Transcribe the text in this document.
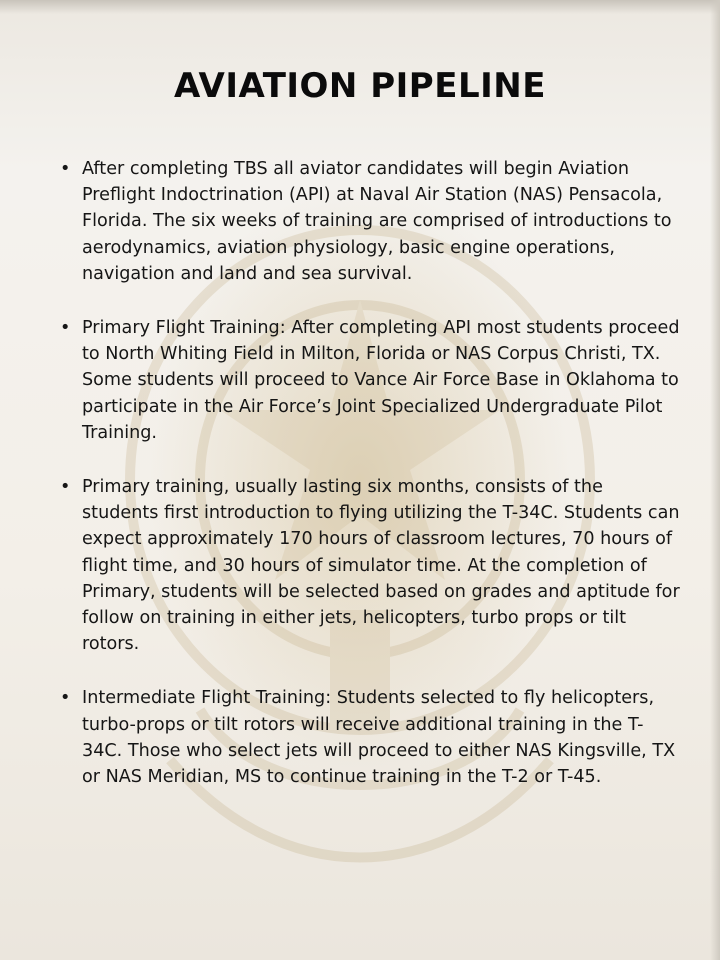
AVIATION PIPELINE
• After completing TBS all aviator candidates will begin Aviation Preflight Indoctrination (API) at Naval Air Station (NAS) Pensacola, Florida. The six weeks of training are comprised of introductions to aerodynamics, aviation physiology, basic engine operations, navigation and land and sea survival.
• Primary Flight Training: After completing API most students proceed to North Whiting Field in Milton, Florida or NAS Corpus Christi, TX. Some students will proceed to Vance Air Force Base in Oklahoma to participate in the Air Force’s Joint Specialized Undergraduate Pilot Training.
• Primary training, usually lasting six months, consists of the students first introduction to flying utilizing the T-34C. Students can expect approximately 170 hours of classroom lectures, 70 hours of flight time, and 30 hours of simulator time. At the completion of Primary, students will be selected based on grades and aptitude for follow on training in either jets, helicopters, turbo props or tilt rotors.
• Intermediate Flight Training: Students selected to fly helicopters, turbo-props or tilt rotors will receive additional training in the T-34C. Those who select jets will proceed to either NAS Kingsville, TX or NAS Meridian, MS to continue training in the T-2 or T-45.
